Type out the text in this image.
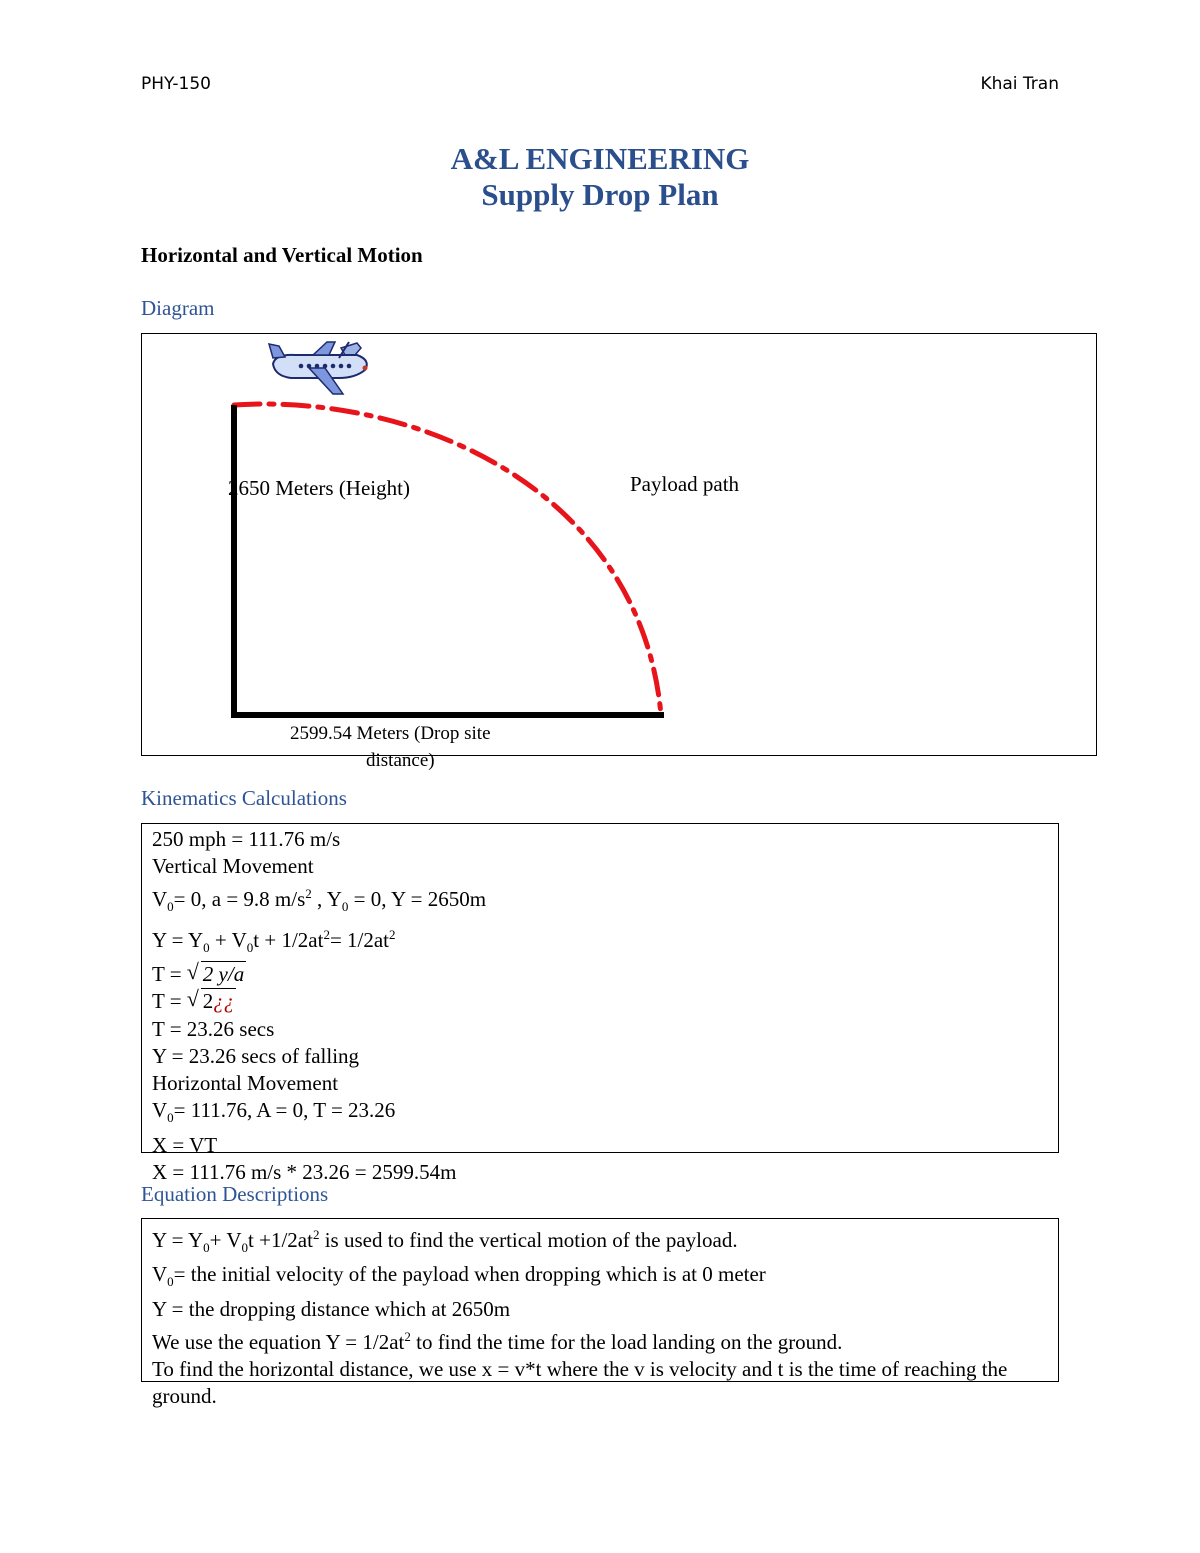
PHY-150	Khai Tran
A&L ENGINEERING
Supply Drop Plan
Horizontal and Vertical Motion
Diagram
2650 Meters (Height)	Payload path
2599.54 Meters (Drop site
distance)
Kinematics Calculations
250 mph = 111.76 m/s
Vertical Movement
$V_0= 0$, a = 9.8 $m/s^2$ , $Y_0 = 0$, Y = 2650m
$Y = Y_0 + V_0t + 1/2at^2= 1/2at^2$
T = √ 2 y/a
T = √ 2¿¿
T = 23.26 secs
Y = 23.26 secs of falling
Horizontal Movement
$V_0= 111.76$, A = 0, T = 23.26
X = VT
X = 111.76 m/s * 23.26 = 2599.54m
Equation Descriptions
$Y = Y_0+ V_0t +1/2at^2$ is used to find the vertical motion of the payload.
$V_0=$ the initial velocity of the payload when dropping which is at 0 meter
Y = the dropping distance which at 2650m
We use the equation $Y = 1/2at^2$ to find the time for the load landing on the ground.
To find the horizontal distance, we use x = v*t where the v is velocity and t is the time of reaching the ground.
